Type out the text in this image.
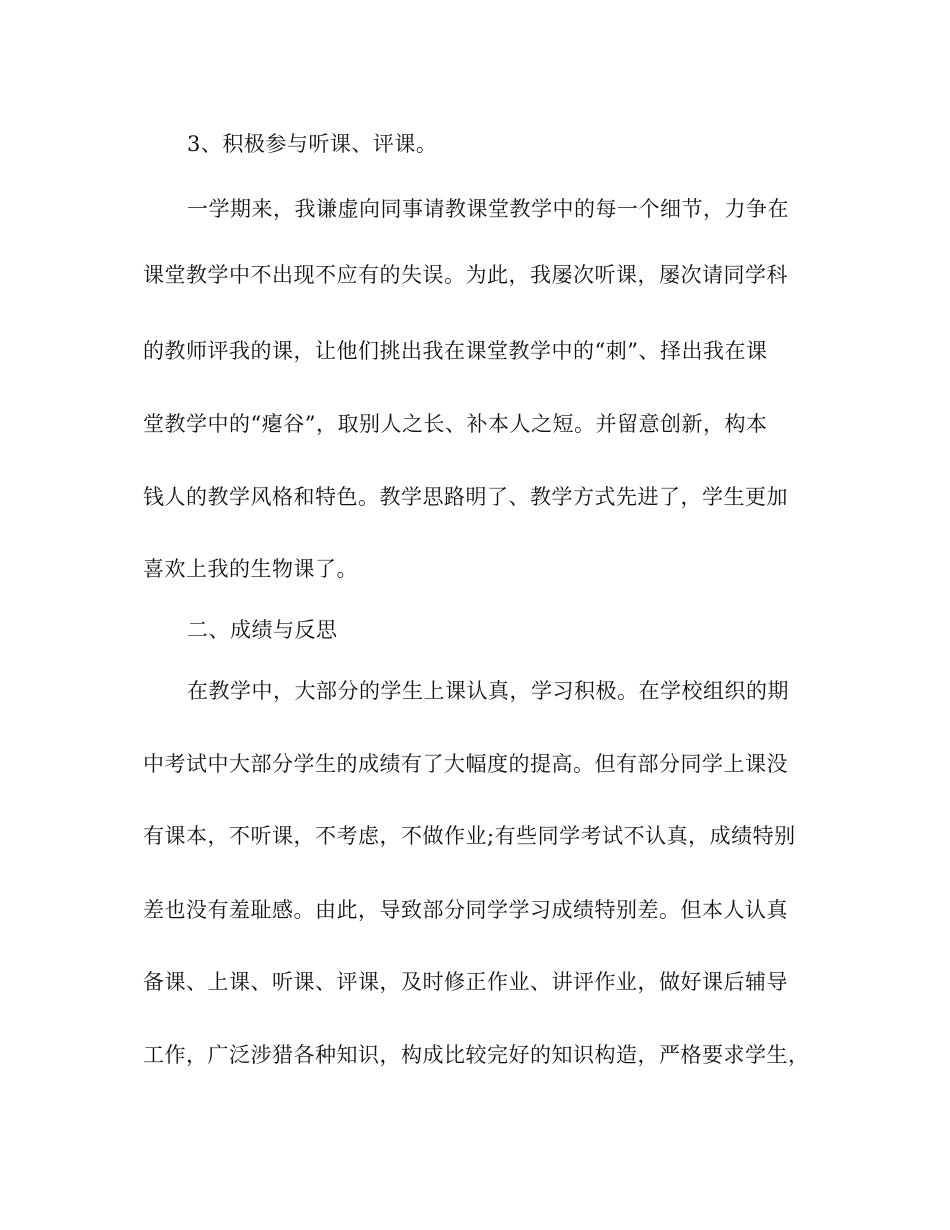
3、积极参与听课、评课。

一学期来，我谦虚向同事请教课堂教学中的每一个细节，力争在

课堂教学中不出现不应有的失误。为此，我屡次听课，屡次请同学科

的教师评我的课，让他们挑出我在课堂教学中的“刺”、择出我在课

堂教学中的“瘪谷”，取别人之长、补本人之短。并留意创新，构本

钱人的教学风格和特色。教学思路明了、教学方式先进了，学生更加

喜欢上我的生物课了。

二、成绩与反思

在教学中，大部分的学生上课认真，学习积极。在学校组织的期

中考试中大部分学生的成绩有了大幅度的提高。但有部分同学上课没

有课本，不听课，不考虑，不做作业;有些同学考试不认真，成绩特别

差也没有羞耻感。由此，导致部分同学学习成绩特别差。但本人认真

备课、上课、听课、评课，及时修正作业、讲评作业，做好课后辅导

工作，广泛涉猎各种知识，构成比较完好的知识构造，严格要求学生，
